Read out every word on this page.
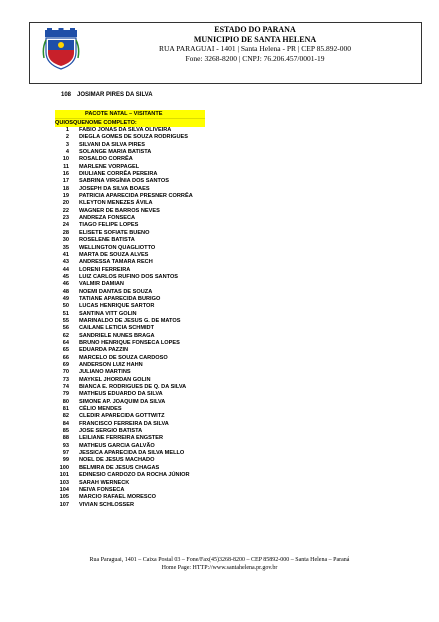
ESTADO DO PARANA
MUNICIPIO DE SANTA HELENA
RUA PARAGUAI - 1401 | Santa Helena - PR | CEP 85.892-000
Fone: 3268-8200 | CNPJ: 76.206.457/0001-19
108 JOSIMAR PIRES DA SILVA
PACOTE NATAL – VISITANTE
QUIOSQUE NOME COMPLETO:
1	FABIO JONAS DA SILVA OLIVEIRA
2	DIEGLA GOMES DE SOUZA RODRIGUES
3	SILVANI DA SILVA PIRES
4	SOLANGE MARIA BATISTA
10	ROSALDO CORRÊA
11	MARLENE VORPAGEL
16	DIULIANE CORRÊA PEREIRA
17	SABRINA VIRGÍNIA DOS SANTOS
18	JOSEPH DA SILVA BOAES
19	PATRICIA APARECIDA PRESNER CORRÊA
20	KLEYTON MENEZES ÁVILA
22	WAGNER DE BARROS NEVES
23	ANDREZA FONSECA
24	TIAGO FELIPE LOPES
28	ELISETE SOFIATE BUENO
30	ROSELENE BATISTA
35	WELLINGTON QUAGLIOTTO
41	MARTA DE SOUZA ALVES
43	ANDRESSA TAMARA RECH
44	LORENI FERREIRA
45	LUIZ CARLOS RUFINO DOS SANTOS
46	VALMIR DAMIAN
48	NOEMI DANTAS DE SOUZA
49	TATIANE APARECIDA BURIGO
50	LUCAS HENRIQUE SARTOR
51	SANTINA VITT GOLIN
55	MARINALDO DE JESUS G. DE MATOS
56	CAILANE LETICIA SCHMIDT
62	SANDRIELE NUNES BRAGA
64	BRUNO HENRIQUE FONSECA LOPES
65	EDUARDA PAZZIN
66	MARCELO DE SOUZA CARDOSO
69	ANDERSON LUIZ HAHN
70	JULIANO MARTINS
73	MAYKEL JHORDAN GOLIN
74	BIANCA E. RODRIGUES DE Q. DA SILVA
79	MATHEUS EDUARDO DA SILVA
80	SIMONE AP. JOAQUIM DA SILVA
81	CÉLIO MENDES
82	CLEDIR APARECIDA GOTTWITZ
84	FRANCISCO FERREIRA DA SILVA
85	JOSE SERGIO BATISTA
88	LEILIANE FERREIRA ENGSTER
93	MATHEUS GARCIA GALVÃO
97	JESSICA APARECIDA DA SILVA MELLO
99	NOEL DE JESUS MACHADO
100	BELMIRA DE JESUS CHAGAS
101	EDINESIO CARDOZO DA ROCHA JÚNIOR
103	SARAH WERNECK
104	NEIVA FONSECA
105	MARCIO RAFAEL MORESCO
107	VIVIAN SCHLOSSER
Rua Paraguai, 1401 – Caixa Postal 03 – Fone/Fax(45)3268-8200 – CEP 85892-000 – Santa Helena – Paraná
Home Page: HTTP://www.santahelena.pr.gov.br
